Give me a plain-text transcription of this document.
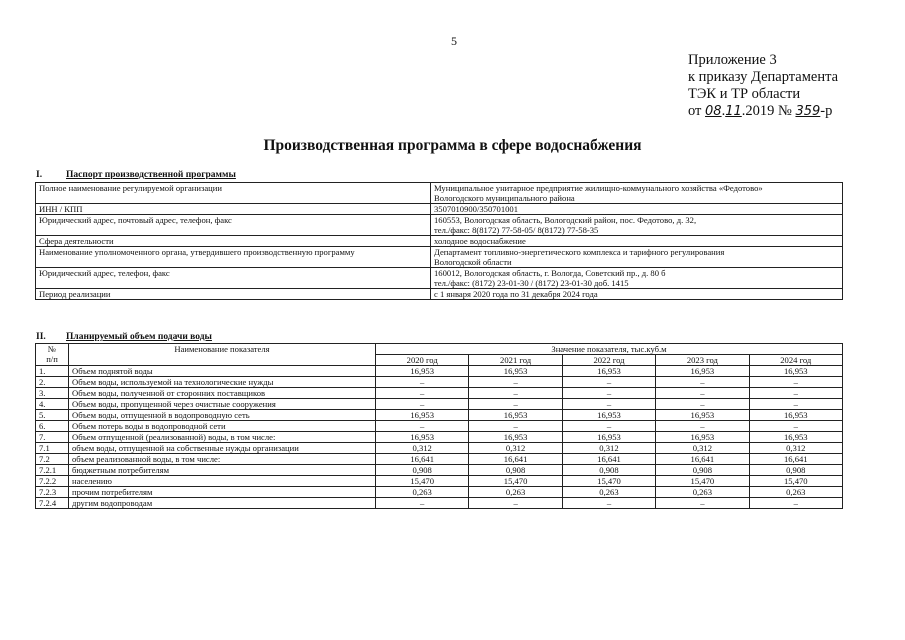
5
Приложение 3
к приказу Департамента
ТЭК и ТР области
от 08.11.2019 № 359-р
Производственная программа в сфере водоснабжения
I.	Паспорт производственной программы
Полное наименование регулируемой организации	Муниципальное унитарное предприятие жилищно-коммунального хозяйства «Федотово»
Вологодского муниципального района
ИНН / КПП	3507010900/350701001
Юридический адрес, почтовый адрес, телефон, факс	160553, Вологодская область, Вологодский район, пос. Федотово, д. 32,
тел./факс: 8(8172) 77-58-05/ 8(8172) 77-58-35
Сфера деятельности	холодное водоснабжение
Наименование уполномоченного органа, утвердившего производственную программу	Департамент топливно-энергетического комплекса и тарифного регулирования
Вологодской области
Юридический адрес, телефон, факс	160012, Вологодская область, г. Вологда, Советский пр., д. 80 б
тел./факс: (8172) 23-01-30 / (8172) 23-01-30 доб. 1415
Период реализации	с 1 января 2020 года по 31 декабря 2024 года
II. Планируемый объем подачи воды
№
п/п	Наименование показателя	Значение показателя, тыс.куб.м				
		2020 год	2021 год	2022 год	2023 год	2024 год
1.	Объем поднятой воды	16,953	16,953	16,953	16,953	16,953
2.	Объем воды, используемой на технологические нужды	–	–	–	–	–
3.	Объем воды, полученной от сторонних поставщиков	–	–	–	–	–
4.	Объем воды, пропущенной через очистные сооружения	–	–	–	–	–
5.	Объем воды, отпущенной в водопроводную сеть	16,953	16,953	16,953	16,953	16,953
6.	Объем потерь воды в водопроводной сети	–	–	–	–	–
7.	Объем отпущенной (реализованной) воды, в том числе:	16,953	16,953	16,953	16,953	16,953
7.1	объем воды, отпущенной на собственные нужды организации	0,312	0,312	0,312	0,312	0,312
7.2	объем реализованной воды, в том числе:	16,641	16,641	16,641	16,641	16,641
7.2.1	бюджетным потребителям	0,908	0,908	0,908	0,908	0,908
7.2.2	населению	15,470	15,470	15,470	15,470	15,470
7.2.3	прочим потребителям	0,263	0,263	0,263	0,263	0,263
7.2.4	другим водопроводам	–	–	–	–	–
